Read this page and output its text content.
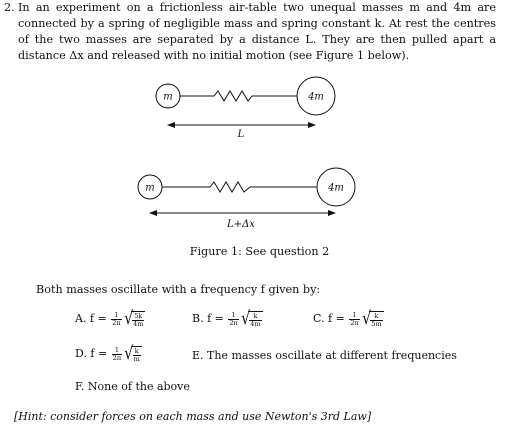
2. In an experiment on a frictionless air-table two unequal masses m and 4m are connected by a spring of negligible mass and spring constant k. At rest the centres of the two masses are separated by a distance L. They are then pulled apart a distance Δx and released with no initial motion (see Figure 1 below).
m	4m
L
m	4m
L+Δx
Figure 1: See question 2
Both masses oscillate with a frequency f given by:
A. $f = \frac{1}{2\pi}$ √ $\frac{5k}{4m}$	B. $f = \frac{1}{2\pi}$ √ $\frac{k}{4m}$	C. $f = \frac{1}{2\pi}$ √ $\frac{k}{5m}$
D. $f = \frac{1}{2\pi}$ √ $\frac{k}{m}$	E. The masses oscillate at different frequencies
F. None of the above
[Hint: consider forces on each mass and use Newton's 3rd Law]
